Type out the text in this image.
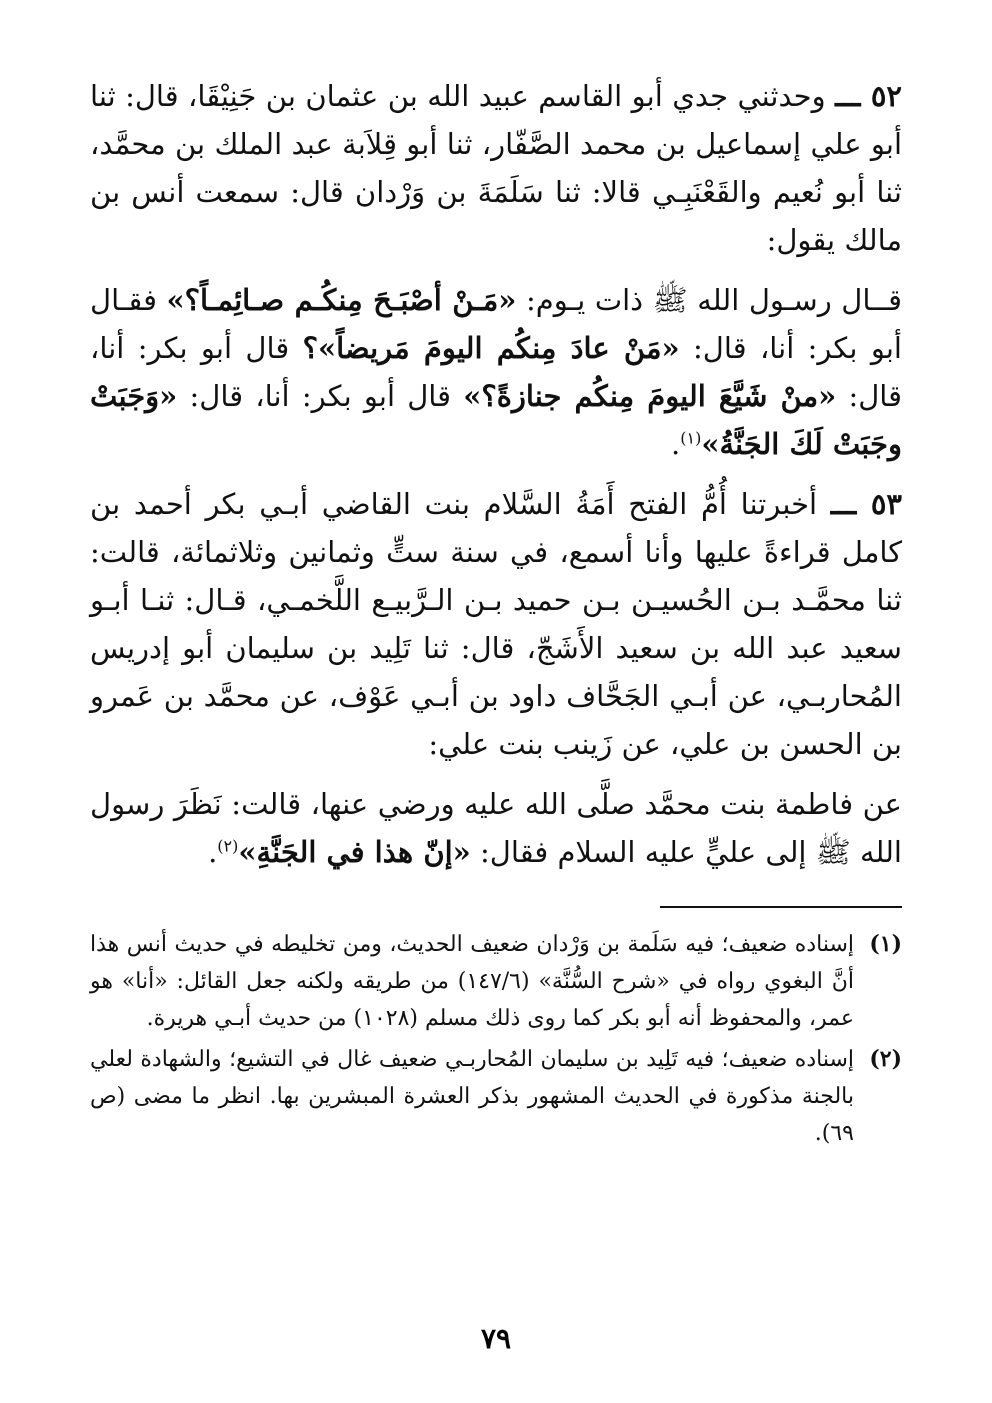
٥٢ ـــ وحدثني جدي أبو القاسم عبيد الله بن عثمان بن جَنِيْقَا، قال: ثنا أبو علي إسماعيل بن محمد الصَّفّار، ثنا أبو قِلاَبة عبد الملك بن محمَّد، ثنا أبو نُعيم والقَعْنَبِـي قالا: ثنا سَلَمَةَ بن وَرْدان قال: سمعت أنس بن مالك يقول:

قــال رسـول الله ﷺ ذات يـوم: «مَـنْ أصْبَـحَ مِنكُـم صـائِمـاً؟» فقـال أبو بكر: أنا، قال: «مَنْ عادَ مِنكُم اليومَ مَريضاً»؟ قال أبو بكر: أنا، قال: «منْ شَيَّعَ اليومَ مِنكُم جنازةً؟» قال أبو بكر: أنا، قال: «وَجَبَتْ وجَبَتْ لَكَ الجَنَّةُ»$^{(١)}$.

٥٣ ـــ أخبرتنا أُمُّ الفتح أَمَةُ السَّلام بنت القاضي أبـي بكر أحمد بن كامل قراءةً عليها وأنا أسمع، في سنة ستٍّ وثمانين وثلاثمائة، قالت: ثنا محمَّـد بـن الحُسيـن بـن حميد بـن الـرَّبيـع اللَّخمـي، قـال: ثنـا أبـو سعيد عبد الله بن سعيد الأَشَجّ، قال: ثنا تَلِيد بن سليمان أبو إدريس المُحاربـي، عن أبـي الجَحَّاف داود بن أبـي عَوْف، عن محمَّد بن عَمرو بن الحسن بن علي، عن زَينب بنت علي:

عن فاطمة بنت محمَّد صلَّى الله عليه ورضي عنها، قالت: نَظَرَ رسول الله ﷺ إلى عليٍّ عليه السلام فقال: «إنّ هذا في الجَنَّةِ»$^{(٢)}$.

(١)
إسناده ضعيف؛ فيه سَلَمة بن وَرْدان ضعيف الحديث، ومن تخليطه في حديث أنس هذا أنَّ البغوي رواه في «شرح السُّنَّة» (١٤٧/٦) من طريقه ولكنه جعل القائل: «أنا» هو عمر، والمحفوظ أنه أبو بكر كما روى ذلك مسلم (١٠٢٨) من حديث أبـي هريرة.
(٢)
إسناده ضعيف؛ فيه تَلِيد بن سليمان المُحاربـي ضعيف غال في التشيع؛ والشهادة لعلي بالجنة مذكورة في الحديث المشهور بذكر العشرة المبشرين بها. انظر ما مضى (ص ٦٩).
٧٩
